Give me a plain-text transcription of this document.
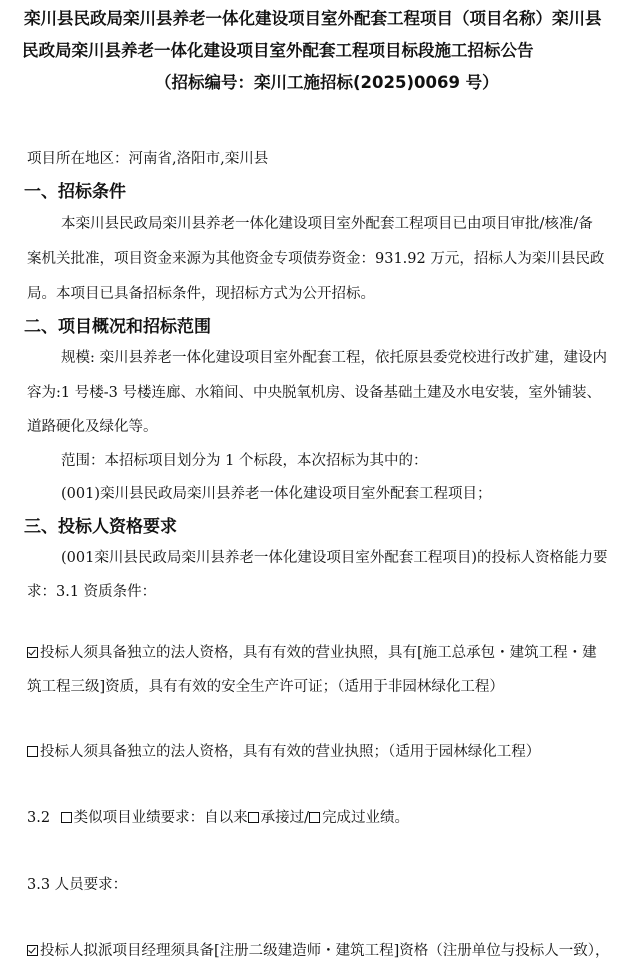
栾川县民政局栾川县养老一体化建设项目室外配套工程项目（项目名称）栾川县
民政局栾川县养老一体化建设项目室外配套工程项目标段施工招标公告
（招标编号：栾川工施招标(2025)0069 号）
项目所在地区：河南省,洛阳市,栾川县
一、招标条件
本栾川县民政局栾川县养老一体化建设项目室外配套工程项目已由项目审批/核准/备
案机关批准，项目资金来源为其他资金专项债券资金：931.92 万元，招标人为栾川县民政
局。本项目已具备招标条件，现招标方式为公开招标。
二、项目概况和招标范围
规模: 栾川县养老一体化建设项目室外配套工程，依托原县委党校进行改扩建，建设内
容为:1 号楼-3 号楼连廊、水箱间、中央脱氧机房、设备基础土建及水电安装，室外铺装、
道路硬化及绿化等。
范围：本招标项目划分为 1 个标段，本次招标为其中的：
(001)栾川县民政局栾川县养老一体化建设项目室外配套工程项目；
三、投标人资格要求
(001栾川县民政局栾川县养老一体化建设项目室外配套工程项目)的投标人资格能力要
求：3.1 资质条件：
投标人须具备独立的法人资格，具有有效的营业执照，具有[施工总承包・建筑工程・建
筑工程三级]资质，具有有效的安全生产许可证；（适用于非园林绿化工程）
投标人须具备独立的法人资格，具有有效的营业执照；（适用于园林绿化工程）
3.2 类似项目业绩要求：自以来 承接过/ 完成过业绩。
3.3 人员要求：
投标人拟派项目经理须具备[注册二级建造师・建筑工程]资格（注册单位与投标人一致），
